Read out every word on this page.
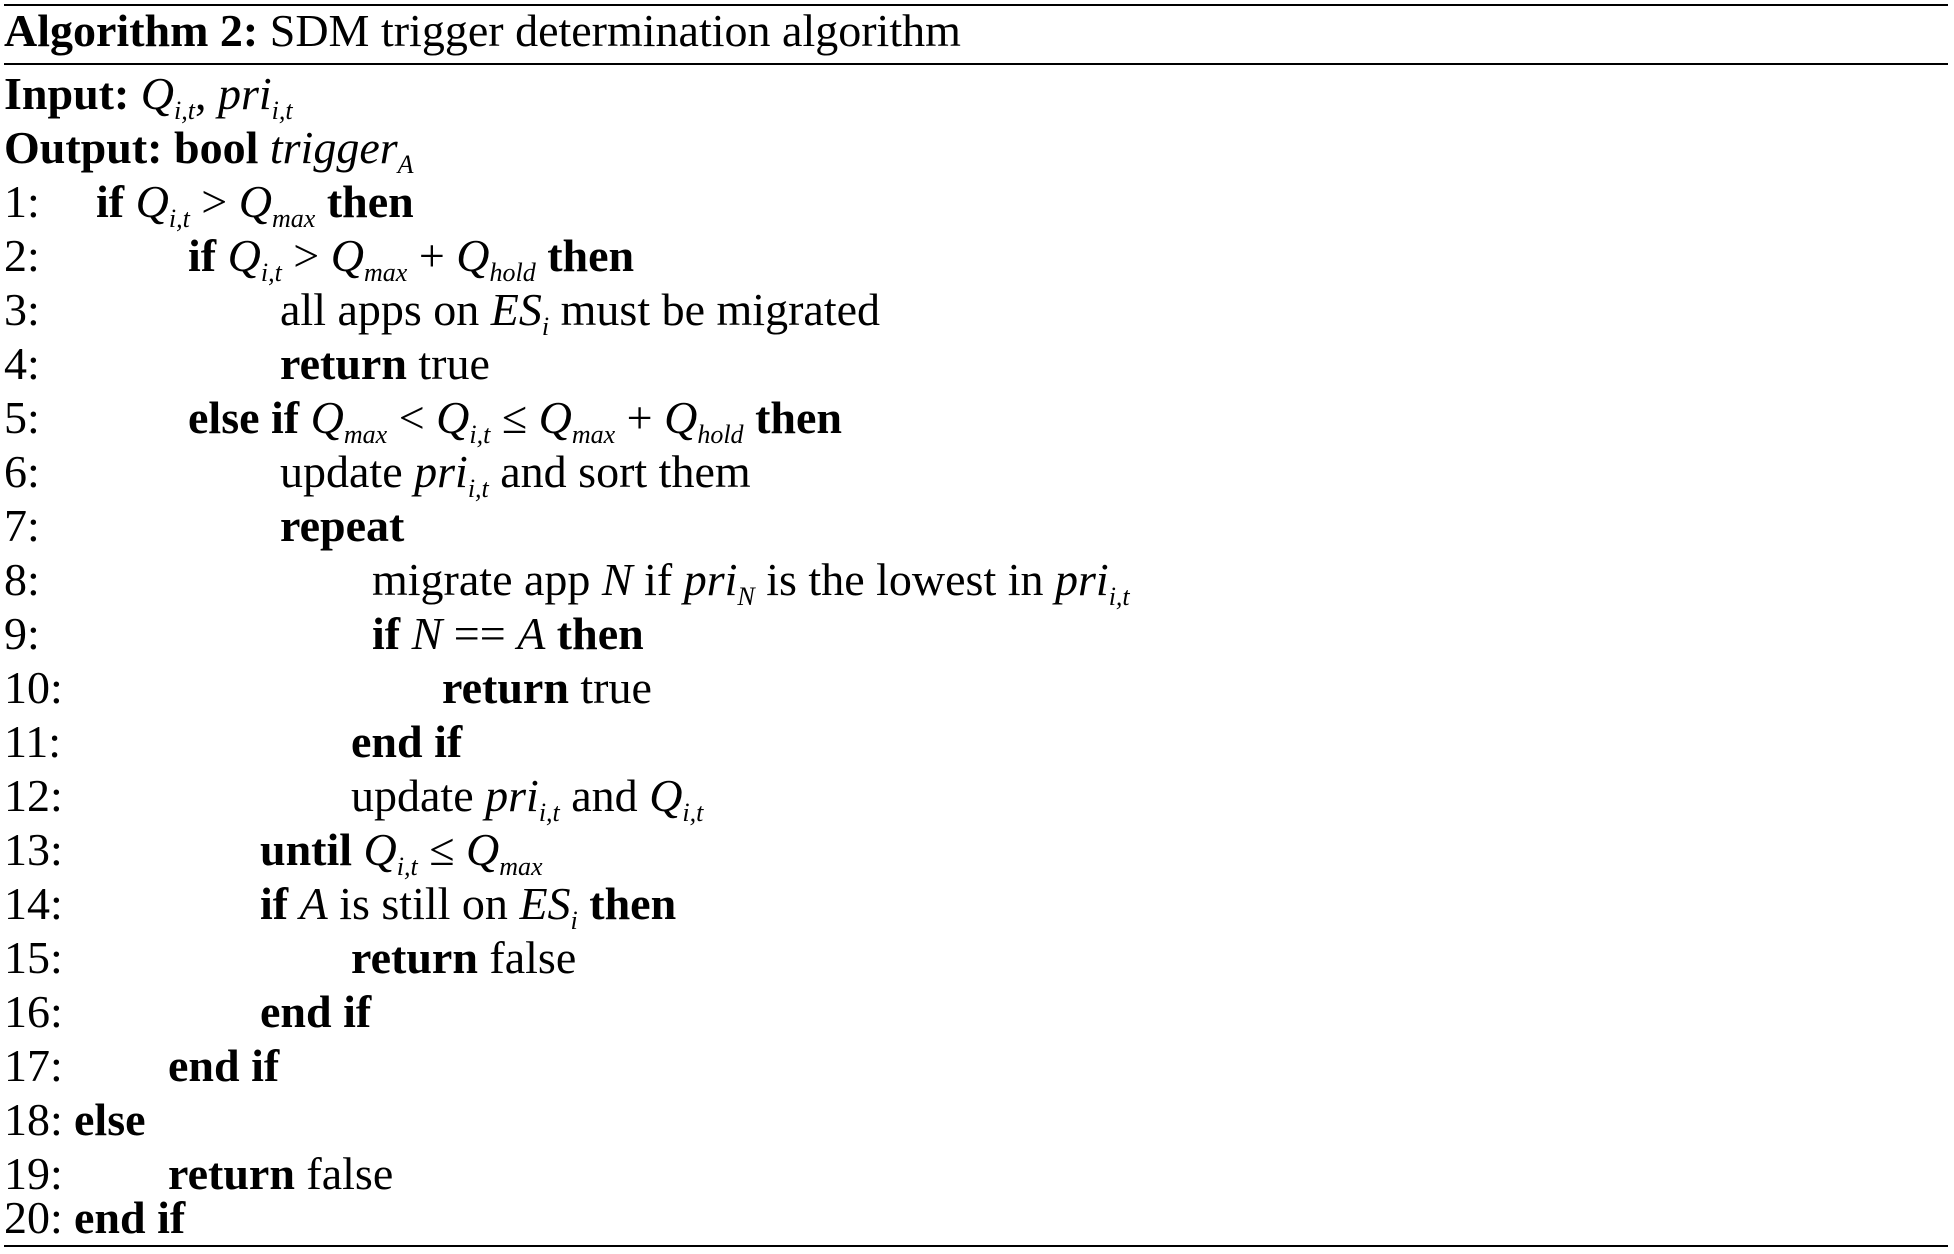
Algorithm 2: SDM trigger determination algorithm
Input: $Q_{i,t}$, pri$_{i,t}$
Output: bool trigger$_A$
1: if $Q_{i,t} > Q_{max}$ then
2:	if $Q_{i,t} > Q_{max} + Q_{hold}$ then
3:	all apps on $ES_i$ must be migrated
4:	return true
5:	else if $Q_{max} < Q_{i,t} \le Q_{max} + Q_{hold}$ then
6:	update pri$_{i,t}$ and sort them
7:	repeat
8:	migrate app N if pri$_N$ is the lowest in pri$_{i,t}$
9:	if N == A then
10:	return true
11:	end if
12:	update pri$_{i,t}$ and $Q_{i,t}$
13:	until $Q_{i,t} \le Q_{max}$
14:	if A is still on $ES_i$ then
15:	return false
16:	end if
17: end if
18: else
19: return false
20: end if
